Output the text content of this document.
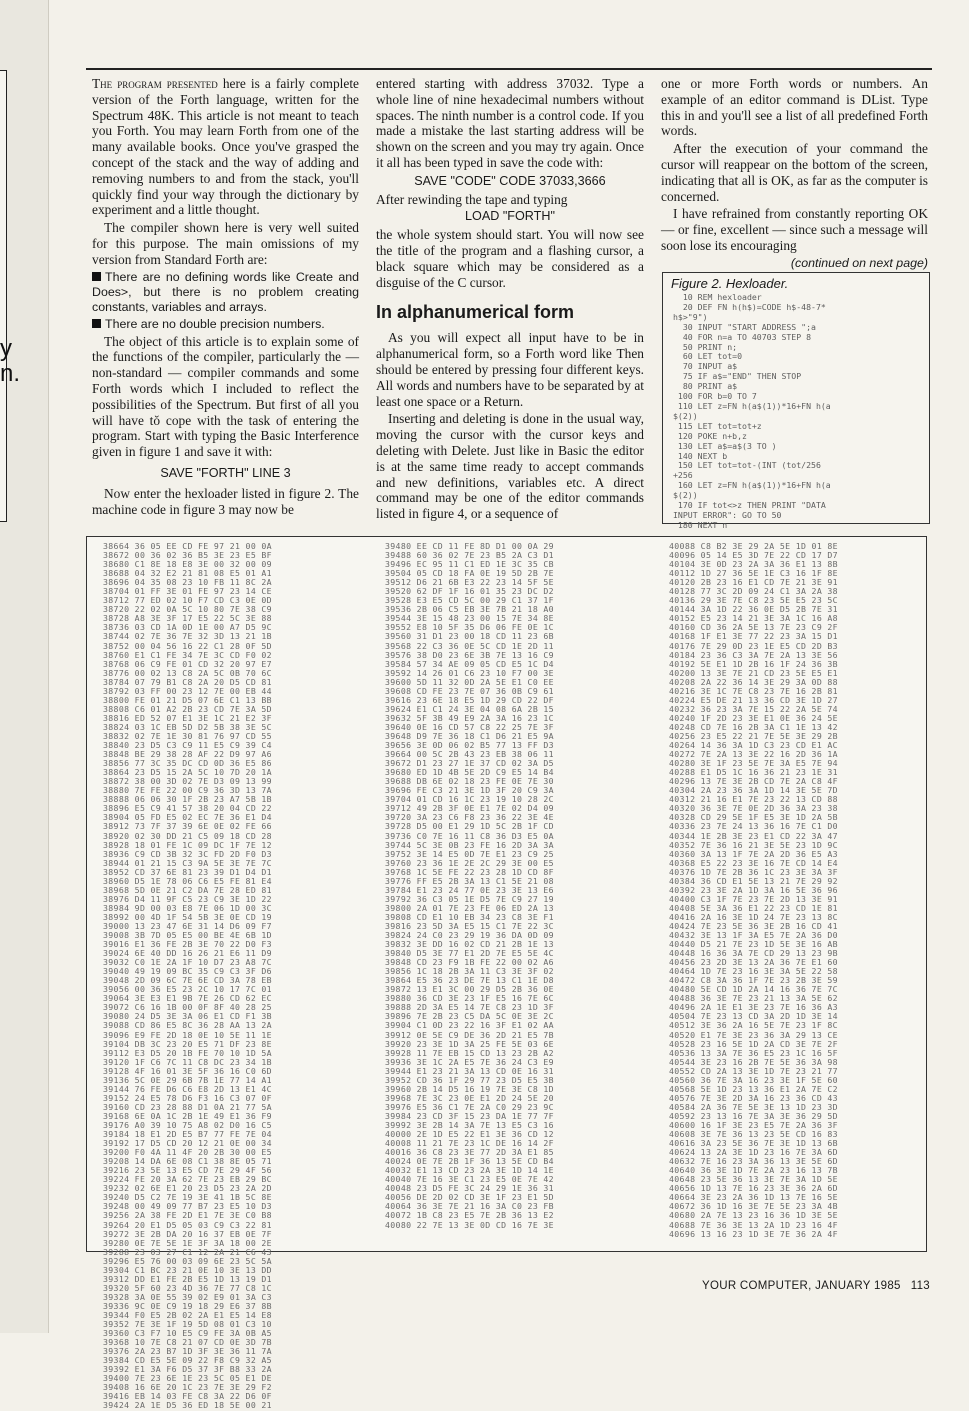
y
n.

The program presented here is a fairly complete version of the Forth language, written for the Spectrum 48K. This article is not meant to teach you Forth. You may learn Forth from one of the many available books. Once you've grasped the concept of the stack and the way of adding and removing numbers to and from the stack, you'll quickly find your way through the dictionary by experiment and a little thought.

The compiler shown here is very well suited for this purpose. The main omissions of my version from Standard Forth are:

There are no defining words like Create and Does>, but there is no problem creating constants, variables and arrays.

There are no double precision numbers.

The object of this article is to explain some of the functions of the compiler, particularly the — non-standard — compiler commands and some Forth words which I included to reflect the possibilities of the Spectrum. But first of all you will have tŏ cope with the task of entering the program. Start with typing the Basic Interference given in figure 1 and save it with:

SAVE "FORTH" LINE 3

Now enter the hexloader listed in figure 2. The machine code in figure 3 may now be

entered starting with address 37032. Type a whole line of nine hexadecimal numbers without spaces. The ninth number is a control code. If you made a mistake the last starting address will be shown on the screen and you may try again. Once it all has been typed in save the code with:

SAVE "CODE" CODE 37033,3666

After rewinding the tape and typing

LOAD "FORTH"

the whole system should start. You will now see the title of the program and a flashing cursor, a black square which may be considered as a disguise of the C cursor.

In alphanumerical form

As you will expect all input have to be in alphanumerical form, so a Forth word like Then should be entered by pressing four different keys. All words and numbers have to be separated by at least one space or a Return.

Inserting and deleting is done in the usual way, moving the cursor with the cursor keys and deleting with Delete. Just like in Basic the editor is at the same time ready to accept commands and new definitions, variables etc. A direct command may be one of the editor commands listed in figure 4, or a sequence of

one or more Forth words or numbers. An example of an editor command is DList. Type this in and you'll see a list of all predefined Forth words.

After the execution of your command the cursor will reappear on the bottom of the screen, indicating that all is OK, as far as the computer is concerned.

I have refrained from constantly reporting OK — or fine, excellent — since such a message will soon lose its encouraging

(continued on next page)
Figure 2. Hexloader.
10 REM hexloader
20 DEF FN h(h$)=CODE h$-48-7*
h$>"9")
30 INPUT "START ADDRESS ";a
40 FOR n=a TO 40703 STEP 8
50 PRINT n;
60 LET tot=0
70 INPUT a$
75 IF a$="END" THEN STOP
80 PRINT a$
100 FOR b=0 TO 7
110 LET z=FN h(a$(1))*16+FN h(a
$(2))
115 LET tot=tot+z
120 POKE n+b,z
130 LET a$=a$(3 TO )
140 NEXT b
150 LET tot=tot-(INT (tot/256
+256
160 LET z=FN h(a$(1))*16+FN h(a
$(2))
170 IF tot<>z THEN PRINT "DATA
INPUT ERROR": GO TO 50
180 NEXT n
38664 36 05 EE CD FE 97 21 00 0A
38672 00 36 02 36 B5 3E 23 E5 BF
38680 C1 8E 18 E8 3E 00 32 00 09
38688 04 32 E2 21 81 08 E5 01 A1
38696 04 35 08 23 10 FB 11 8C 2A
38704 01 FF 3E 01 FE 97 23 14 CE
38712 77 ED 02 10 F7 CD C3 0E 0D
38720 22 02 0A 5C 10 80 7E 38 C9
38728 A8 3E 3F 17 E5 22 5C 3E 88
38736 03 CD 1A 0D 1E 00 A7 D5 9C
38744 02 7E 36 7E 32 3D 13 21 1B
38752 00 04 56 16 22 C1 28 0F 5D
38760 E1 C1 FE 34 7E 3C CD F0 02
38768 06 C9 FE 01 CD 32 20 97 E7
38776 00 02 13 C8 2A 5C 0B 70 6C
38784 07 79 B1 C8 2A 20 D5 CD 81
38792 03 FF 00 23 12 7E 00 EB 44
38800 FE 01 21 D5 07 6E C1 13 BB
38808 C6 01 A2 2B 23 CD 7E 3A 5D
38816 ED 52 07 E1 3E 1C 21 E2 3F
38824 03 1C EB 5D D2 5B 38 3E 5C
38832 02 7E 1E 30 81 76 97 CD 55
38840 23 D5 C3 C9 11 E5 C9 39 C4
38848 BE 29 38 28 AF 22 D9 97 A6
38856 77 3C 35 DC CD 0D 36 E5 86
38864 23 D5 15 2A 5C 10 7D 20 1A
38872 38 00 3D 02 7E D3 09 13 99
38880 7E FE 22 00 C9 36 3D 13 7A
38888 06 06 30 1F 2B 23 A7 5B 1B
38896 E5 C9 41 57 38 20 04 CD 22
38904 05 FD E5 02 EC 7E 36 E1 D4
38912 73 7F 37 39 6E 0E 02 FE 66
38920 02 30 DD 21 C5 09 18 CD 28
38928 18 01 FE 1C 09 DC 1F 7E 12
38936 C9 CD 3B 32 3C FD 2D F0 D3
38944 01 21 15 C3 9A 5E 3E 7E 7C
38952 CD 37 6E 81 23 39 D1 D4 D1
38960 D5 1E 78 06 C6 E5 FE 81 E4
38968 5D 0E 21 C2 DA 7E 28 ED 81
38976 D4 11 9F C5 23 C9 3E 1D 22
38984 9D 00 03 E8 7E 06 1D 00 3C
38992 00 4D 1F 54 5B 3E 0E CD 19
39000 13 23 47 6E 31 14 D6 09 F7
39008 3B 7D 05 E5 00 BE 4E 6B 1D
39016 E1 36 FE 2B 3E 70 22 D0 F3
39024 6E 40 DD 16 26 21 E6 11 D9
39032 C0 1E 2A 1F 10 D7 23 A8 7C
39040 49 19 09 BC 35 C9 C3 3F D6
39048 2D 09 6C 7E 6E CD 3A 78 EB
39056 00 36 E5 23 2C 10 17 7C 01
39064 3E E3 E1 9B 7E 26 CD 62 EC
39072 C6 16 1B 00 0F 8F 40 28 25
39080 24 D5 3E 3A 06 E1 CD F1 3B
39088 CD 86 E5 8C 36 28 AA 13 2A
39096 E9 FE 2D 18 0E 10 5E 11 1E
39104 DB 3C 23 20 E5 71 DF 23 8E
39112 E3 D5 20 1B FE 70 10 1D 5A
39120 1F C6 7C 11 C8 DC 23 34 1B
39128 4F 16 01 3E 5F 36 16 C0 6D
39136 5C 0E 29 6B 7B 1E 77 14 A1
39144 76 FE D6 C6 E8 2D 13 E1 4C
39152 24 E5 78 D6 F3 16 C3 07 0F
39160 CD 23 28 88 D1 0A 21 77 5A
39168 6E 0A 1C 2B 1E 49 E1 36 F9
39176 A0 39 10 75 A8 02 D0 16 C5
39184 18 E1 2D E5 B7 77 FE 7E 04
39192 17 D5 CD 20 12 21 0E 00 34
39200 F0 4A 11 4F 20 2B 30 00 E5
39208 14 DA 6E 08 C1 38 8E 05 71
39216 23 5E 13 E5 CD 7E 29 4F 56
39224 FE 20 3A 62 7E 23 EB 29 BC
39232 02 6E E1 20 23 D5 23 2A 2D
39240 D5 C2 7E 19 3E 41 1B 5C 8E
39248 00 49 09 77 B7 23 E5 10 D3
39256 2A 38 FE 2D E1 7E 3E C0 B8
39264 20 E1 D5 05 03 C9 C3 22 81
39272 3E 2B DA 20 16 37 EB 0E 7F
39280 0E 7E 5E 1E 3F 3A 18 00 2E
39288 23 03 27 C1 12 2A 21 C6 43
39296 E5 76 00 03 09 6E 23 5C 5A
39304 C1 BC 23 21 0E 10 3E 13 DD
39312 DD E1 FE 2B E5 1D 13 19 D1
39320 5F 60 23 4D 36 7E 77 C8 1C
39328 3A 0E 55 39 02 E9 01 3A C3
39336 9C 0E C9 19 18 29 E6 37 8B
39344 F0 E5 2B 02 2A E1 E5 14 E8
39352 7E 3E 1F 19 5D 08 01 C3 10
39360 C3 F7 10 E5 C9 FE 3A 0B A5
39368 10 7E C8 21 07 CD 0E 3D 7B
39376 2A 23 B7 1D 3F 3E 36 11 7A
39384 CD E5 5E 09 22 F8 C9 32 A5
39392 E1 3A F6 D5 37 3F B8 33 2A
39400 7E 23 6E 1E 23 5C 05 E1 DE
39408 16 6E 20 1C 23 7E 3E 29 F2
39416 EB 14 03 FE C8 3A 22 D6 0F
39424 2A 1E D5 36 ED 18 5E 00 21
39480 EE CD 11 FE 8D D1 00 0A 29
39488 60 36 02 7E 23 B5 2A C3 D1
39496 EC 95 11 C1 ED 1E 3C 35 CB
39504 05 CD 18 FA 0E 19 5D 2B 7E
39512 D6 21 6B E3 22 23 14 5F 5E
39520 62 DF 1F 16 01 35 23 DC D2
39528 E3 E5 CD 5C 00 29 C1 37 1F
39536 2B 06 C5 EB 3E 7B 21 18 A0
39544 3E 15 48 23 00 15 7E 34 8E
39552 E8 10 5F 35 D6 06 FE 0E 1C
39560 31 D1 23 00 18 CD 11 23 6B
39568 22 C3 36 0E 5C CD 1E 2D 11
39576 38 D0 23 6E 3B 7E 13 16 C9
39584 57 34 AE 09 05 CD E5 1C D4
39592 14 26 01 C6 23 10 F7 00 3E
39600 5D 11 32 0D 2A 5E E1 C0 EE
39608 CD FE 23 7E 07 36 0B C9 61
39616 23 6E 18 E5 1D 29 CD 22 DF
39624 E1 C1 24 3E 04 08 6A 2B 15
39632 5F 3B 49 E9 2A 3A 16 23 1C
39640 0E 16 CD 57 C8 22 25 7E 3F
39648 D9 7E 36 18 C1 D6 21 E5 9A
39656 3E 0D 06 02 B5 77 13 FF D3
39664 00 5C 2B 43 23 EB 38 06 11
39672 D1 23 27 1E 37 CD 02 3A D5
39680 ED 1D 4B 5E 2D C9 E5 14 B4
39688 DB 6E 02 18 23 FE 0E 7E 30
39696 FE C3 21 3E 1D 3F 20 C9 3A
39704 01 CD 16 1C 23 19 10 28 2C
39712 49 2B 3F 0E E1 7E 02 D4 09
39720 3A 23 C6 F8 23 36 22 3E 4E
39728 D5 00 E1 29 1D 5C 2B 1F CD
39736 C0 7E 16 11 C8 36 D3 E5 0A
39744 5C 3E 0B 23 FE 16 2D 3A 3A
39752 3E 14 E5 0D 7E E1 23 C9 25
39760 23 36 1E 2E 2C 29 3E 00 E5
39768 1C 5E FE 22 23 28 1D CD 8F
39776 FF E5 2B 3A 13 C1 5E 21 08
39784 E1 23 24 77 0E 23 3E 13 E6
39792 36 C3 05 1E D5 7E C9 27 19
39800 2A 01 7E 23 FE 06 ED 2A 13
39808 CD E1 10 EB 34 23 C8 3E F1
39816 23 5D 3A E5 15 C1 7E 22 3C
39824 24 C0 23 29 19 36 DA 0D 09
39832 3E DD 16 02 CD 21 2B 1E 13
39840 D5 3E 77 E1 2D 7E E5 5E 4C
39848 CD 23 F9 1B FE 22 00 02 A6
39856 1C 18 2B 3A 11 C3 3E 3F 02
39864 E5 36 23 DE 7E 13 C1 1E D8
39872 13 E1 3C 00 29 D5 2B 36 0E
39880 36 CD 3E 23 1F E5 16 7E 6C
39888 2D 3A E5 14 7E C8 23 1D 3F
39896 7E 2B 23 C5 DA 5C 0E 3E 2C
39904 C1 0D 23 22 16 3F E1 02 AA
39912 0E 5E C9 DE 36 2D 21 E5 7B
39920 23 3E 1D 3A 25 FE 5E 03 6E
39928 11 7E EB 15 CD 13 23 2B A2
39936 3E 1C 2A E5 7E 36 24 C3 E9
39944 E1 23 21 3A 13 CD 0E 16 31
39952 CD 36 1F 29 77 23 D5 E5 3B
39960 2B 14 D5 16 19 7E 3E C8 1D
39968 7E 3C 23 0E E1 2D 24 5E 20
39976 E5 36 C1 7E 2A C0 29 23 9C
39984 23 CD 3F 15 23 DA 1E 77 7F
39992 3E 2B 14 3A 7E 13 E5 C3 16
40000 2E 1D E5 22 E1 3E 36 CD 12
40008 11 21 7E 23 1C DE 16 14 2F
40016 36 C8 23 3E 77 2D 3A E1 85
40024 0E 7E 2B 1F 36 13 5E CD B4
40032 E1 13 CD 23 2A 3E 1D 14 1E
40040 7E 16 3E C1 23 E5 0E 7E 42
40048 23 D5 FE 3C 24 29 1E 36 31
40056 DE 2D 02 CD 3E 1F 23 E1 5D
40064 36 3E 7E 21 16 3A C0 23 FB
40072 1B C8 23 E5 7E 2B 36 13 E2
40080 22 7E 13 3E 0D CD 16 7E 3E
40088 C8 B2 3E 29 2A 5E 1D 01 8E
40096 05 14 E5 3D 7E 22 CD 17 D7
40104 3E 0D 23 2A 3A 36 E1 13 8B
40112 1D 27 36 5E 1E C3 16 1F 8E
40120 2B 23 16 E1 CD 7E 21 3E 91
40128 77 3C 2D 09 24 C1 3A 2A 38
40136 29 3E 7E C8 23 5E E5 23 5C
40144 3A 1D 22 36 0E D5 2B 7E 31
40152 E5 23 14 21 3E 3A 1C 16 A8
40160 CD 36 2A 5E 13 7E 23 C9 2F
40168 1F E1 3E 77 22 23 3A 15 D1
40176 7E 29 0D 23 1E E5 CD 2D B3
40184 23 36 C3 3A 7E 2A 13 3E 56
40192 5E E1 1D 2B 16 1F 24 36 3B
40200 13 3E 7E 21 CD 23 5E E5 E1
40208 2A 22 36 14 3E 29 3A 0D 88
40216 3E 1C 7E C8 23 7E 16 2B 81
40224 E5 DE 21 13 36 CD 3E 1D 27
40232 36 23 3A 7E 15 22 2A 5E 74
40240 1F 2D 23 3E E1 0E 36 24 5E
40248 CD 7E 16 2B 3A C1 1E 13 42
40256 23 E5 22 21 7E 5E 3E 29 2B
40264 14 36 3A 1D C3 23 CD E1 AC
40272 7E 2A 13 3E 22 16 2D 36 1A
40280 3E 1F 23 5E 7E 3A E5 7E 94
40288 E1 D5 1C 16 36 21 23 1E 31
40296 13 7E 3E 2B CD 7E 2A C8 4F
40304 2A 23 36 3A 1D 14 3E 5E 7D
40312 21 16 E1 7E 23 22 13 CD 88
40320 36 3E 7E 0E 2D 36 3A 23 38
40328 CD 29 5E 1F E5 3E 1D 2A 5B
40336 23 7E 24 13 36 16 7E C1 D0
40344 1E 2B 3E 23 E1 CD 22 3A 47
40352 7E 36 16 21 3E 5E 23 1D 9C
40360 3A 13 1F 7E 2A 2D 36 E5 A3
40368 E5 22 23 3E 16 7E CD 14 E4
40376 1D 7E 2B 36 1C 23 3E 3A 3F
40384 36 CD E1 5E 13 21 7E 29 92
40392 23 3E 2A 1D 3A 16 5E 36 96
40400 C3 1F 7E 23 7E 2D 13 3E 91
40408 5E 3A 36 E1 22 23 CD 1E 81
40416 2A 16 3E 1D 24 7E 23 13 8C
40424 7E 23 5E 36 3E 2B 16 CD 41
40432 3E 13 1F 3A E5 7E 2A 36 D0
40440 D5 21 7E 23 1D 5E 3E 16 AB
40448 16 36 3A 7E CD 29 13 23 9B
40456 23 2D 3E 13 2A 36 7E E1 60
40464 1D 7E 23 16 3E 3A 5E 22 58
40472 C8 3A 36 1F 7E 23 2B 3E 59
40480 5E CD 1D 2A 14 16 36 7E 7C
40488 36 3E 7E 23 21 13 3A 5E 62
40496 2A 1E E1 3E 23 7E 16 36 A3
40504 7E 23 13 CD 3A 2D 1D 3E 14
40512 3E 36 2A 16 5E 7E 23 1F 8C
40520 E1 7E 3E 23 36 3A 29 13 CE
40528 23 16 5E 1D 2A CD 3E 7E 2F
40536 13 3A 7E 36 E5 23 1C 16 5F
40544 3E 23 16 2B 7E 5E 36 3A 98
40552 CD 2A 13 3E 1D 7E 23 21 77
40560 36 7E 3A 16 23 3E 1F 5E 60
40568 5E 1D 23 13 36 E1 2A 7E C2
40576 7E 3E 2D 3A 16 23 36 CD 43
40584 2A 36 7E 5E 3E 13 1D 23 3D
40592 23 13 16 7E 3A 3E 36 29 5D
40600 16 1F 3E 23 E5 7E 2A 36 3F
40608 3E 7E 36 13 23 5E CD 16 83
40616 3A 23 5E 36 7E 3E 1D 13 6B
40624 13 2A 3E 1D 23 16 7E 3A 6D
40632 7E 16 23 3A 36 13 3E 5E 6D
40640 36 3E 1D 7E 2A 23 16 13 7B
40648 23 5E 36 13 3E 7E 3A 1D 5E
40656 1D 13 7E 16 23 3E 36 2A 6D
40664 3E 23 2A 36 1D 13 7E 16 5E
40672 36 1D 16 3E 7E 5E 23 3A 4B
40680 2A 7E 13 23 16 36 1D 3E 5E
40688 7E 36 3E 13 2A 1D 23 16 4F
40696 13 16 23 1D 3E 7E 36 2A 4F
YOUR COMPUTER, JANUARY 1985 113
